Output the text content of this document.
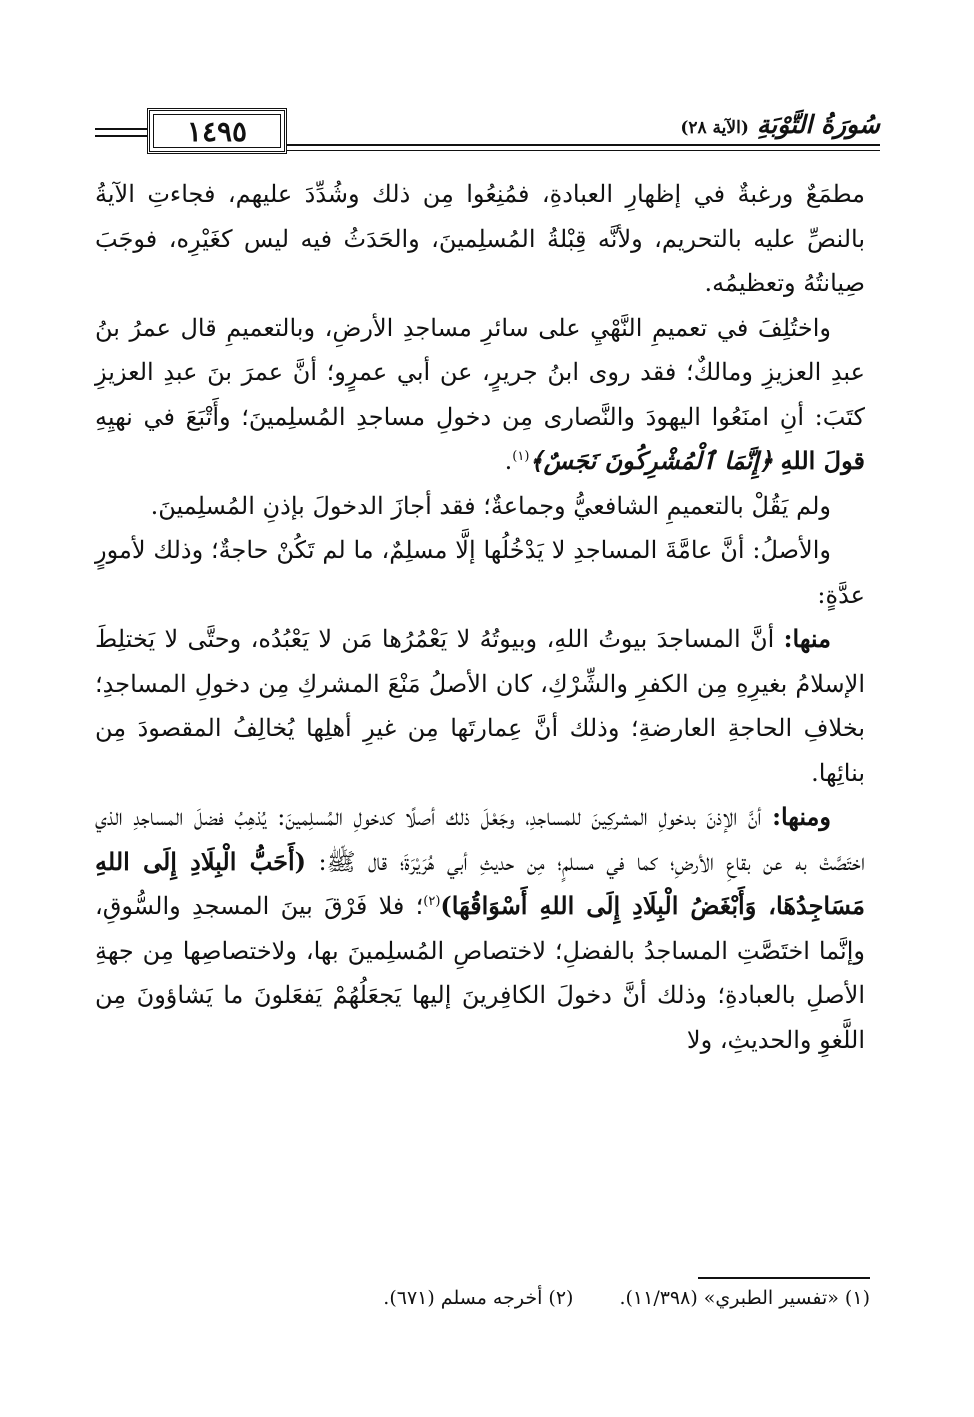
١٤٩٥	سُورَةُ التَّوْبَةِ
(الآية ٢٨)

مطمَعٌ ورغبةٌ في إظهارِ العبادةِ، فمُنِعُوا مِن ذلك وشُدِّدَ عليهم، فجاءتِ الآيةُ بالنصِّ عليه بالتحريم، ولأنَّه قِبْلةُ المُسلِمينَ، والحَدَثُ فيه ليس كغَيْرِه، فوجَبَ صِيانتُهُ وتعظيمُه.

واختُلِفَ في تعميمِ النَّهْيِ على سائرِ مساجدِ الأرضِ، وبالتعميمِ قال عمرُ بنُ عبدِ العزيزِ ومالكٌ؛ فقد روى ابنُ جريرٍ، عن أبي عمرٍو؛ أنَّ عمرَ بنَ عبدِ العزيزِ كتَبَ: أنِ امنَعُوا اليهودَ والنَّصارى مِن دخولِ مساجدِ المُسلِمينَ؛ وأَتْبَعَ في نهيِهِ قولَ اللهِ ﴿إِنَّمَا ٱلْمُشْرِكُونَ نَجَسٌ﴾$^{(١)}$.

ولم يَقُلْ بالتعميمِ الشافعيُّ وجماعةٌ؛ فقد أجازَ الدخولَ بإذنِ المُسلِمينَ.

والأصلُ: أنَّ عامَّةَ المساجدِ لا يَدْخُلُها إلَّا مسلِمٌ، ما لم تَكُنْ حاجةٌ؛ وذلك لأمورٍ عدَّةٍ:

منها: أنَّ المساجدَ بيوتُ اللهِ، وبيوتُهُ لا يَعْمُرُها مَن لا يَعْبُدُه، وحتَّى لا يَختلِطَ الإسلامُ بغيرِهِ مِن الكفرِ والشِّرْكِ، كان الأصلُ مَنْعَ المشركِ مِن دخولِ المساجدِ؛ بخلافِ الحاجةِ العارضةِ؛ وذلك أنَّ عِمارتَها مِن غيرِ أهلِها يُخالِفُ المقصودَ مِن بنائِها.

ومنها: أنَّ الإذنَ بدخولِ المشركِينَ للمساجدِ، وجَعْلَ ذلك أصلًا كدخولِ المُسلِمينَ: يُذهِبُ فضلَ المساجدِ الذي اختَصَّتْ به عن بقاعِ الأرضِ؛ كما في مسلمٍ؛ مِن حديثِ أبي هُرَيْرَةَ؛ قال ﷺ: (أَحَبُّ الْبِلَادِ إِلَى اللهِ مَسَاجِدُهَا، وَأَبْغَضُ الْبِلَادِ إِلَى اللهِ أَسْوَاقُهَا)$^{(٢)}$؛ فلا فَرْقَ بينَ المسجدِ والسُّوقِ، وإنَّما اختَصَّتِ المساجدُ بالفضلِ؛ لاختصاصِ المُسلِمينَ بها، ولاختصاصِها مِن جهةِ الأصلِ بالعبادةِ؛ وذلك أنَّ دخولَ الكافِرينَ إليها يَجعَلُهُمْ يَفعَلونَ ما يَشاؤونَ مِن اللَّغوِ والحديثِ، ولا

(١) «تفسير الطبري» (١١/٣٩٨).
(٢) أخرجه مسلم (٦٧١).
